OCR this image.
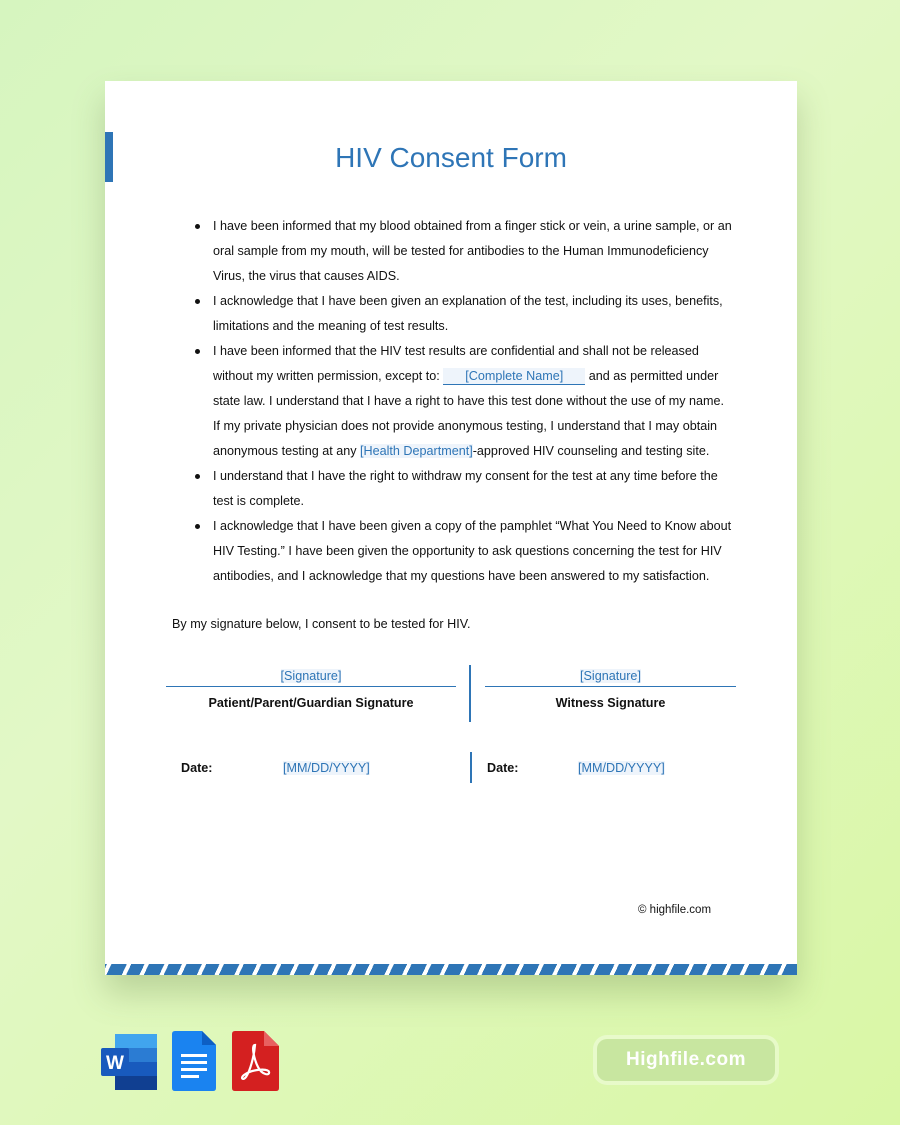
HIV Consent Form
I have been informed that my blood obtained from a finger stick or vein, a urine sample, or an oral sample from my mouth, will be tested for antibodies to the Human Immunodeficiency Virus, the virus that causes AIDS.
I acknowledge that I have been given an explanation of the test, including its uses, benefits, limitations and the meaning of test results.
I have been informed that the HIV test results are confidential and shall not be released without my written permission, except to: [Complete Name] and as permitted under state law. I understand that I have a right to have this test done without the use of my name. If my private physician does not provide anonymous testing, I understand that I may obtain anonymous testing at any [Health Department]-approved HIV counseling and testing site.
I understand that I have the right to withdraw my consent for the test at any time before the test is complete.
I acknowledge that I have been given a copy of the pamphlet “What You Need to Know about HIV Testing.” I have been given the opportunity to ask questions concerning the test for HIV antibodies, and I acknowledge that my questions have been answered to my satisfaction.
By my signature below, I consent to be tested for HIV.
[Signature]
Patient/Parent/Guardian Signature
[Signature]
Witness Signature
Date:	[MM/DD/YYYY]	Date:	[MM/DD/YYYY]
© highfile.com
W	Highfile.com
